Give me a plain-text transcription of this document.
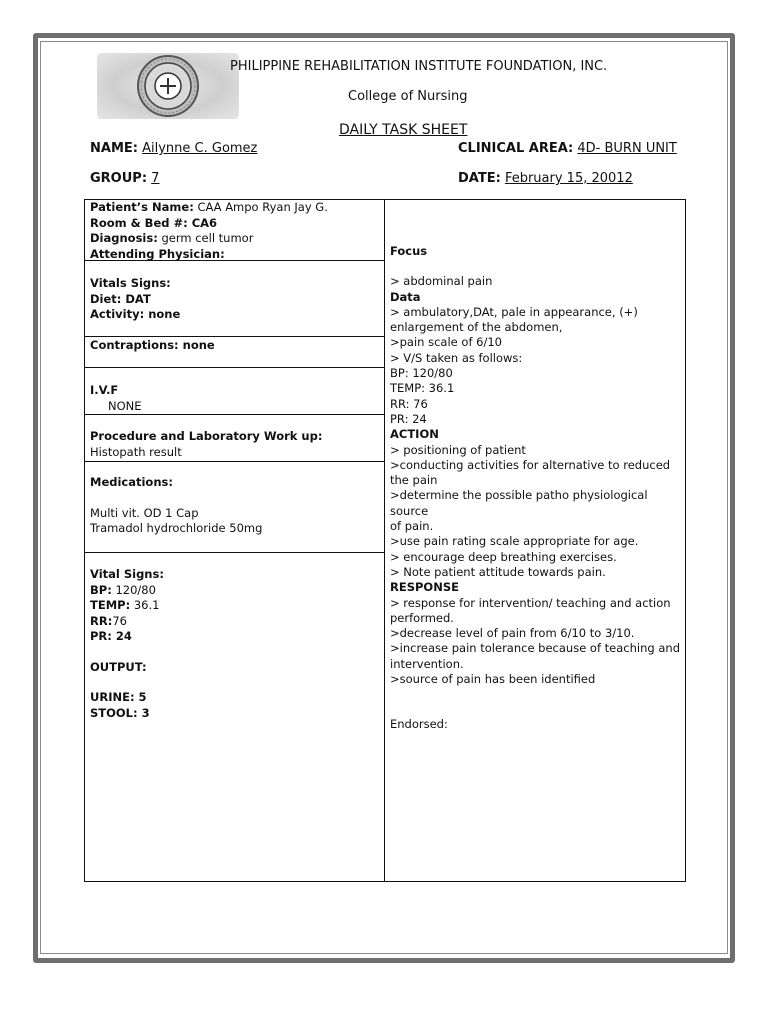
PHILIPPINE REHABILITATION INSTITUTE FOUNDATION, INC.
College of Nursing
DAILY TASK SHEET
NAME: Ailynne C. Gomez	CLINICAL AREA: 4D- BURN UNIT
GROUP: 7	DATE: February 15, 20012
Patient’s Name: CAA Ampo Ryan Jay G.
Room & Bed #: CA6
Diagnosis: germ cell tumor
Attending Physician:
Vitals Signs:
Diet: DAT
Activity: none
Contraptions: none
I.V.F
NONE
Procedure and Laboratory Work up:
Histopath result
Medications:
Multi vit. OD 1 Cap
Tramadol hydrochloride 50mg
Vital Signs:
BP: 120/80
TEMP: 36.1
RR:76
PR: 24
OUTPUT:
URINE: 5
STOOL: 3
Focus
> abdominal pain
Data
> ambulatory,DAt, pale in appearance, (+)
enlargement of the abdomen,
>pain scale of 6/10
> V/S taken as follows:
BP: 120/80
TEMP: 36.1
RR: 76
PR: 24
ACTION
> positioning of patient
>conducting activities for alternative to reduced
the pain
>determine the possible patho physiological source
of pain.
>use pain rating scale appropriate for age.
> encourage deep breathing exercises.
> Note patient attitude towards pain.
RESPONSE
> response for intervention/ teaching and action
performed.
>decrease level of pain from 6/10 to 3/10.
>increase pain tolerance because of teaching and
intervention.
>source of pain has been identified
Endorsed:
